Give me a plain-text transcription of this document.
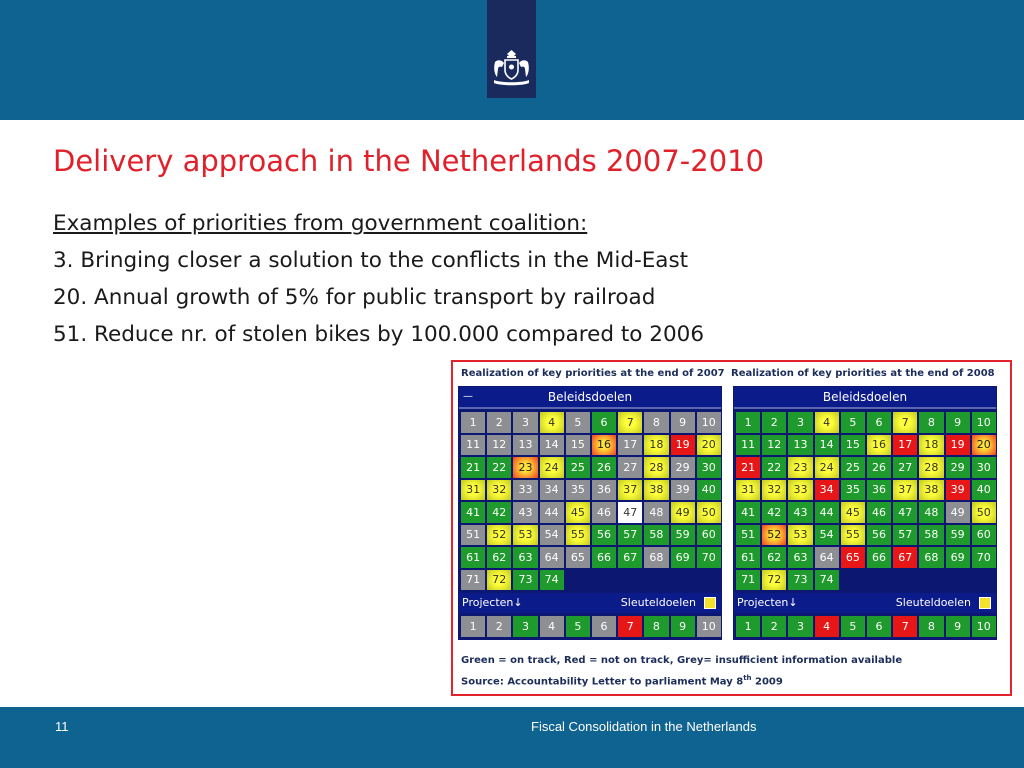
Delivery approach in the Netherlands 2007-2010
Examples of priorities from government coalition:
3. Bringing closer a solution to the conflicts in the Mid-East
20. Annual growth of 5% for public transport by railroad
51. Reduce nr. of stolen bikes by 100.000 compared to 2006
Realization of key priorities at the end of 2007 Realization of key priorities at the end of 2008
—	Beleidsdoelen
1	2	3	4	5	6	7	8	9	10
11	12	13	14	15	16	17	18	19	20
21	22	23	24	25	26	27	28	29	30
31	32	33	34	35	36	37	38	39	40
41	42	43	44	45	46	47	48	49	50
51	52	53	54	55	56	57	58	59	60
61	62	63	64	65	66	67	68	69	70
71	72	73	74
Projecten↓	Sleuteldoelen
1	2	3	4	5	6	7	8	9	10
Beleidsdoelen
1	2	3	4	5	6	7	8	9	10
11	12	13	14	15	16	17	18	19	20
21	22	23	24	25	26	27	28	29	30
31	32	33	34	35	36	37	38	39	40
41	42	43	44	45	46	47	48	49	50
51	52	53	54	55	56	57	58	59	60
61	62	63	64	65	66	67	68	69	70
71	72	73	74
Projecten↓	Sleuteldoelen
1	2	3	4	5	6	7	8	9	10
Green = on track, Red = not on track, Grey= insufficient information available
Source: Accountability Letter to parliament May 8th 2009
11	Fiscal Consolidation in the Netherlands
